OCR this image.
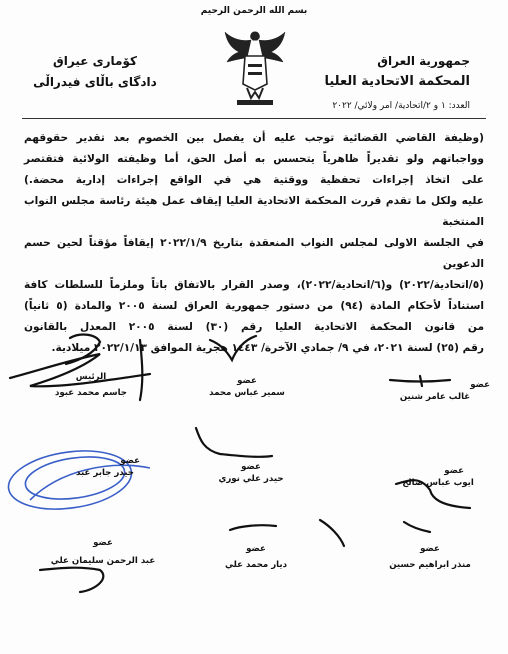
بسم الله الرحمن الرحيم
جمهورية العراق
المحكمة الاتحادية العليا
كۆماری عیراق
دادگای باڵای فیدراڵی
العدد: ١ و ٢/اتحادية/ امر ولائي/ ٢٠٢٢

(وظيفة القاضي القضائية توجب عليه أن يفصل بين الخصوم بعد تقدير حقوقهم

وواجباتهم ولو تقديراً ظاهرياً يتحسس به أصل الحق، أما وظيفته الولائية فتقتصر

على اتخاذ إجراءات تحفظية ووقتية هي في الواقع إجراءات إدارية محضة.)

عليه ولكل ما تقدم قررت المحكمة الاتحادية العليا إيقاف عمل هيئة رئاسة مجلس النواب المنتخبة

في الجلسة الاولى لمجلس النواب المنعقدة بتاريخ ٢٠٢٢/١/٩ إيقافاً مؤقتاً لحين حسم الدعوين

(٥/اتحادية/٢٠٢٢) و(٦/اتحادية/٢٠٢٢)، وصدر القرار بالاتفاق باتاً وملزماً للسلطات كافة

استناداً لأحكام المادة (٩٤) من دستور جمهورية العراق لسنة ٢٠٠٥ والمادة (٥ ثانياً)

من قانون المحكمة الاتحادية العليا رقم (٣٠) لسنة ٢٠٠٥ المعدل بالقانون

رقم (٢٥) لسنة ٢٠٢١، في ٩/ جمادي الآخرة/ ١٤٤٣ هجرية الموافق ٢٠٢٢/١/١٣ ميلادية.

الرئيس
جاسم محمد عبود
عضو
سمير عباس محمد
عضو
غالب عامر شنين
عضو
حيدر جابر عبد
عضو
حيدر علي نوري
عضو
ايوب عباس صالح
عضو
عبد الرحمن سليمان علي
عضو
ديار محمد علي
عضو
منذر ابراهيم حسين
